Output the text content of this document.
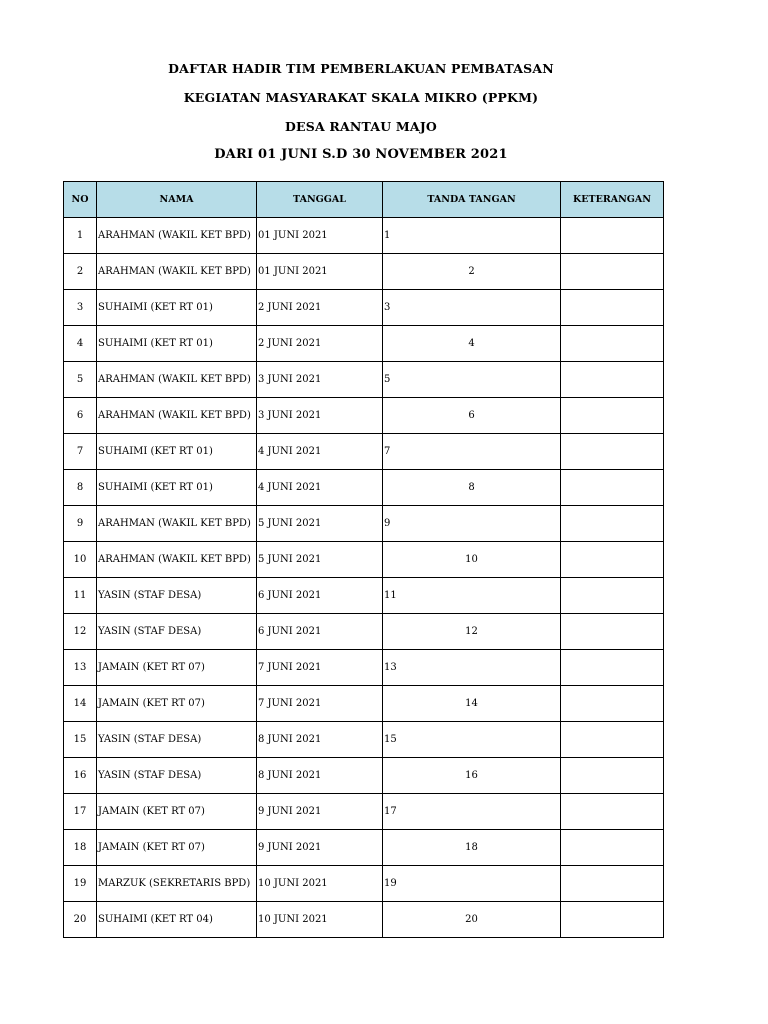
DAFTAR HADIR TIM PEMBERLAKUAN PEMBATASAN
KEGIATAN MASYARAKAT SKALA MIKRO (PPKM)
DESA RANTAU MAJO
DARI 01 JUNI S.D 30 NOVEMBER 2021
NO	NAMA	TANGGAL	TANDA TANGAN	KETERANGAN
1	ARAHMAN (WAKIL KET BPD)	01 JUNI 2021	1	
2	ARAHMAN (WAKIL KET BPD)	01 JUNI 2021	2	
3	SUHAIMI (KET RT 01)	2 JUNI 2021	3	
4	SUHAIMI (KET RT 01)	2 JUNI 2021	4	
5	ARAHMAN (WAKIL KET BPD)	3 JUNI 2021	5	
6	ARAHMAN (WAKIL KET BPD)	3 JUNI 2021	6	
7	SUHAIMI (KET RT 01)	4 JUNI 2021	7	
8	SUHAIMI (KET RT 01)	4 JUNI 2021	8	
9	ARAHMAN (WAKIL KET BPD)	5 JUNI 2021	9	
10	ARAHMAN (WAKIL KET BPD)	5 JUNI 2021	10	
11	YASIN (STAF DESA)	6 JUNI 2021	11	
12	YASIN (STAF DESA)	6 JUNI 2021	12	
13	JAMAIN (KET RT 07)	7 JUNI 2021	13	
14	JAMAIN (KET RT 07)	7 JUNI 2021	14	
15	YASIN (STAF DESA)	8 JUNI 2021	15	
16	YASIN (STAF DESA)	8 JUNI 2021	16	
17	JAMAIN (KET RT 07)	9 JUNI 2021	17	
18	JAMAIN (KET RT 07)	9 JUNI 2021	18	
19	MARZUK (SEKRETARIS BPD)	10 JUNI 2021	19	
20	SUHAIMI (KET RT 04)	10 JUNI 2021	20	
